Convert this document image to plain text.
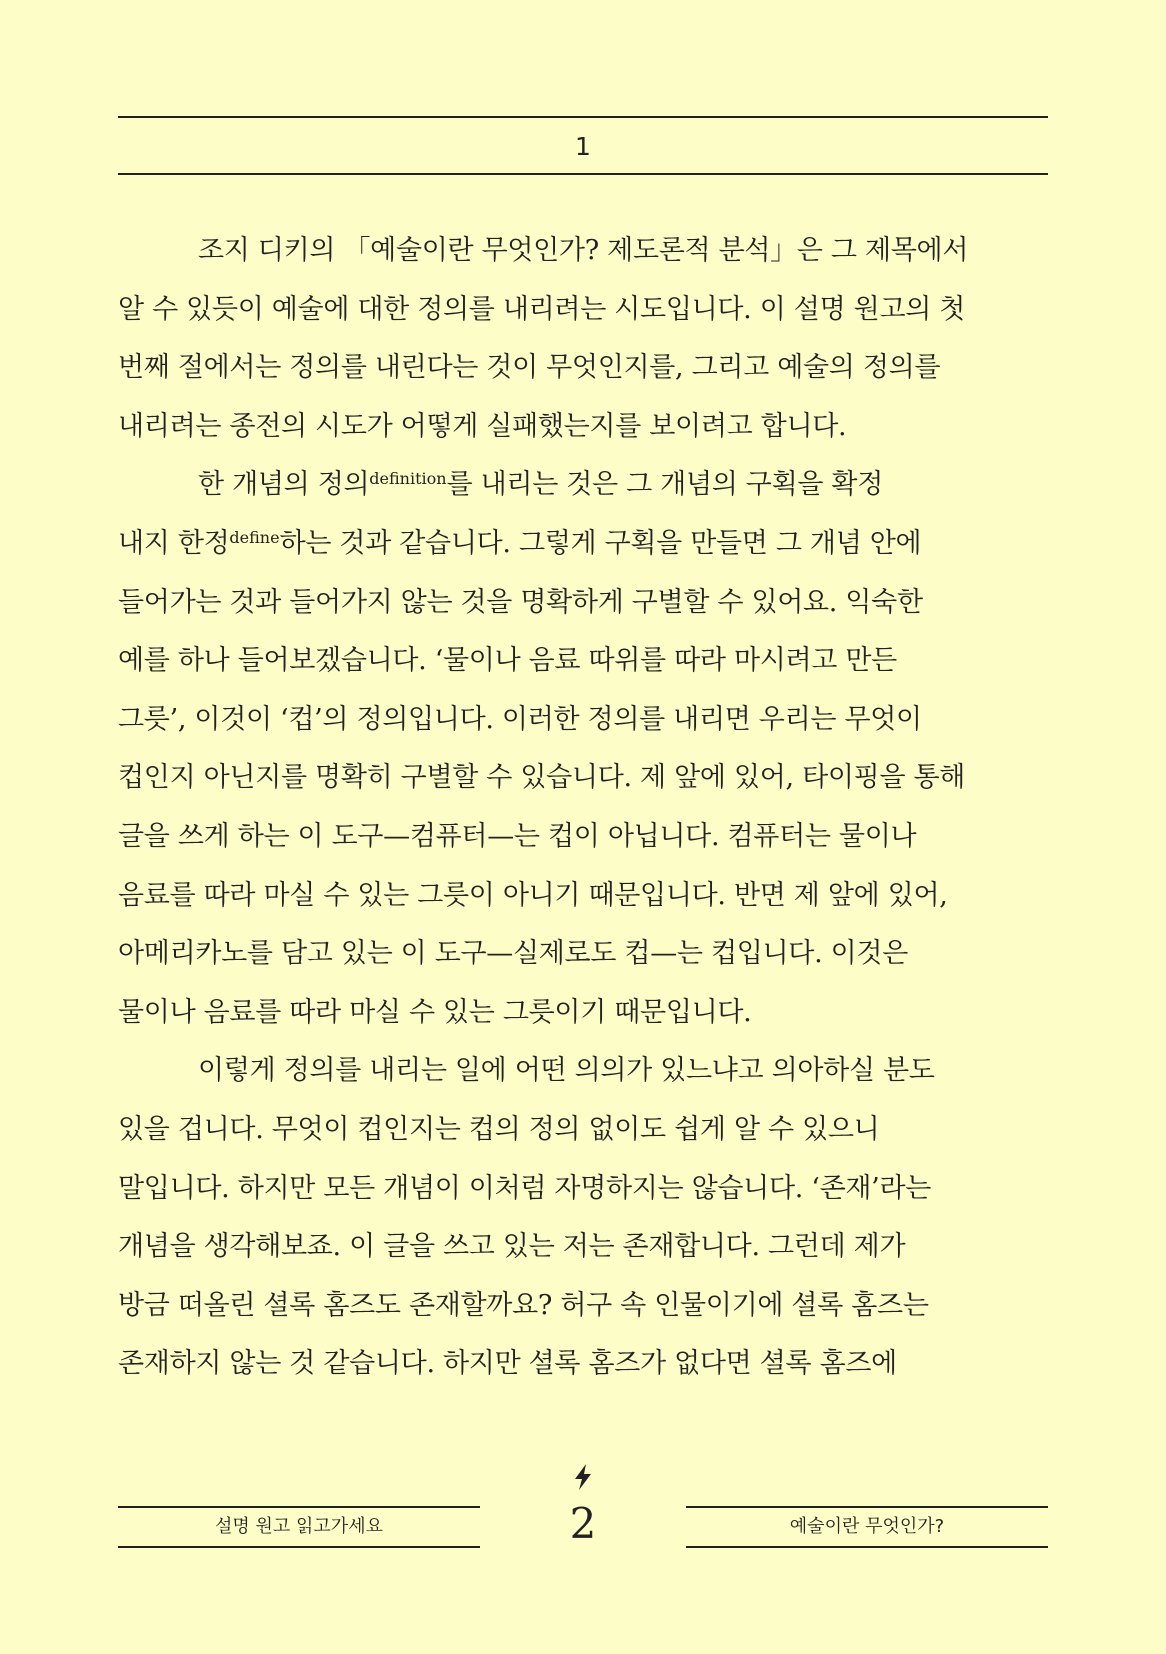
1
조지 디키의 「예술이란 무엇인가? 제도론적 분석」은 그 제목에서
알 수 있듯이 예술에 대한 정의를 내리려는 시도입니다. 이 설명 원고의 첫
번째 절에서는 정의를 내린다는 것이 무엇인지를, 그리고 예술의 정의를
내리려는 종전의 시도가 어떻게 실패했는지를 보이려고 합니다.
한 개념의 정의$^{definition}$를 내리는 것은 그 개념의 구획을 확정
내지 한정$^{define}$하는 것과 같습니다. 그렇게 구획을 만들면 그 개념 안에
들어가는 것과 들어가지 않는 것을 명확하게 구별할 수 있어요. 익숙한
예를 하나 들어보겠습니다. ‘물이나 음료 따위를 따라 마시려고 만든
그릇’, 이것이 ‘컵’의 정의입니다. 이러한 정의를 내리면 우리는 무엇이
컵인지 아닌지를 명확히 구별할 수 있습니다. 제 앞에 있어, 타이핑을 통해
글을 쓰게 하는 이 도구—컴퓨터—는 컵이 아닙니다. 컴퓨터는 물이나
음료를 따라 마실 수 있는 그릇이 아니기 때문입니다. 반면 제 앞에 있어,
아메리카노를 담고 있는 이 도구—실제로도 컵—는 컵입니다. 이것은
물이나 음료를 따라 마실 수 있는 그릇이기 때문입니다.
이렇게 정의를 내리는 일에 어떤 의의가 있느냐고 의아하실 분도
있을 겁니다. 무엇이 컵인지는 컵의 정의 없이도 쉽게 알 수 있으니
말입니다. 하지만 모든 개념이 이처럼 자명하지는 않습니다. ‘존재’라는
개념을 생각해보죠. 이 글을 쓰고 있는 저는 존재합니다. 그런데 제가
방금 떠올린 셜록 홈즈도 존재할까요? 허구 속 인물이기에 셜록 홈즈는
존재하지 않는 것 같습니다. 하지만 셜록 홈즈가 없다면 셜록 홈즈에
설명 원고 읽고가세요	2	예술이란 무엇인가?
